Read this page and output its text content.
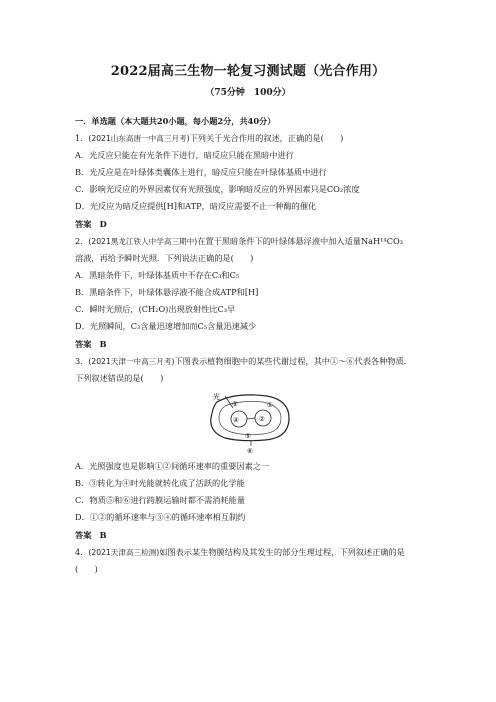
2022届高三生物一轮复习测试题（光合作用）
（75分钟　100分）
一．单选题（本大题共20小题，每小题2分，共40分）
1．(2021山东高唐一中高三月考)下列关于光合作用的叙述，正确的是(　　)
A．光反应只能在有光条件下进行，暗反应只能在黑暗中进行
B．光反应是在叶绿体类囊体上进行，暗反应只能在叶绿体基质中进行
C．影响光反应的外界因素仅有光照强度，影响暗反应的外界因素只是CO₂浓度
D．光反应为暗反应提供[H]和ATP，暗反应需要不止一种酶的催化
答案　D
2．(2021黑龙江铁人中学高三期中)在置于黑暗条件下的叶绿体悬浮液中加入适量NaH¹⁴CO₃
溶液，再给予瞬时光照．下列说法正确的是(　　)
A．黑暗条件下，叶绿体基质中不存在C₃和C₅
B．黑暗条件下，叶绿体悬浮液不能合成ATP和[H]
C．瞬时光照后，(CH₂O)出现放射性比C₃早
D．光照瞬间，C₃含量迅速增加而C₅含量迅速减少
答案　B
3．(2021天津一中高三月考)下图表示植物细胞中的某些代谢过程，其中①～⑥代表各种物质．
下列叙述错误的是(　　)
光
③
④
①
②
⑤
⑥
A．光照强度也是影响①②间循环速率的重要因素之一
B．③转化为④时光能就转化成了活跃的化学能
C．物质⑤和⑥进行跨膜运输时都不需消耗能量
D．①②的循环速率与③④的循环速率相互制约
答案　B
4．(2021天津高三检测)如图表示某生物膜结构及其发生的部分生理过程，下列叙述正确的是
(　　)
